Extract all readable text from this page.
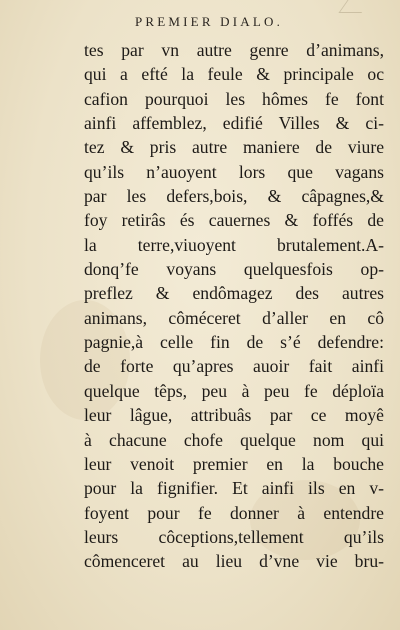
PREMIER DIALO.
tes par vn autre genre d’animans,
qui a efté la feule & principale oc
cafion pourquoi les hômes fe font
ainfi affemblez, edifié Villes & ci-
tez & pris autre maniere de viure
qu’ils n’auoyent lors que vagans
par les defers,bois, & câpagnes,&
foy retirâs és cauernes & foffés de
la terre,viuoyent brutalement.A-
donq’fe voyans quelquesfois op-
preflez & endômagez des autres
animans, côméceret d’aller en cô
pagnie,à celle fin de s’é defendre:
de forte qu’apres auoir fait ainfi
quelque têps, peu à peu fe déploïa
leur lâgue, attribuâs par ce moyê
à chacune chofe quelque nom qui
leur venoit premier en la bouche
pour la fignifier. Et ainfi ils en v-
foyent pour fe donner à entendre
leurs côceptions,tellement qu’ils
cômenceret au lieu d’vne vie bru-
